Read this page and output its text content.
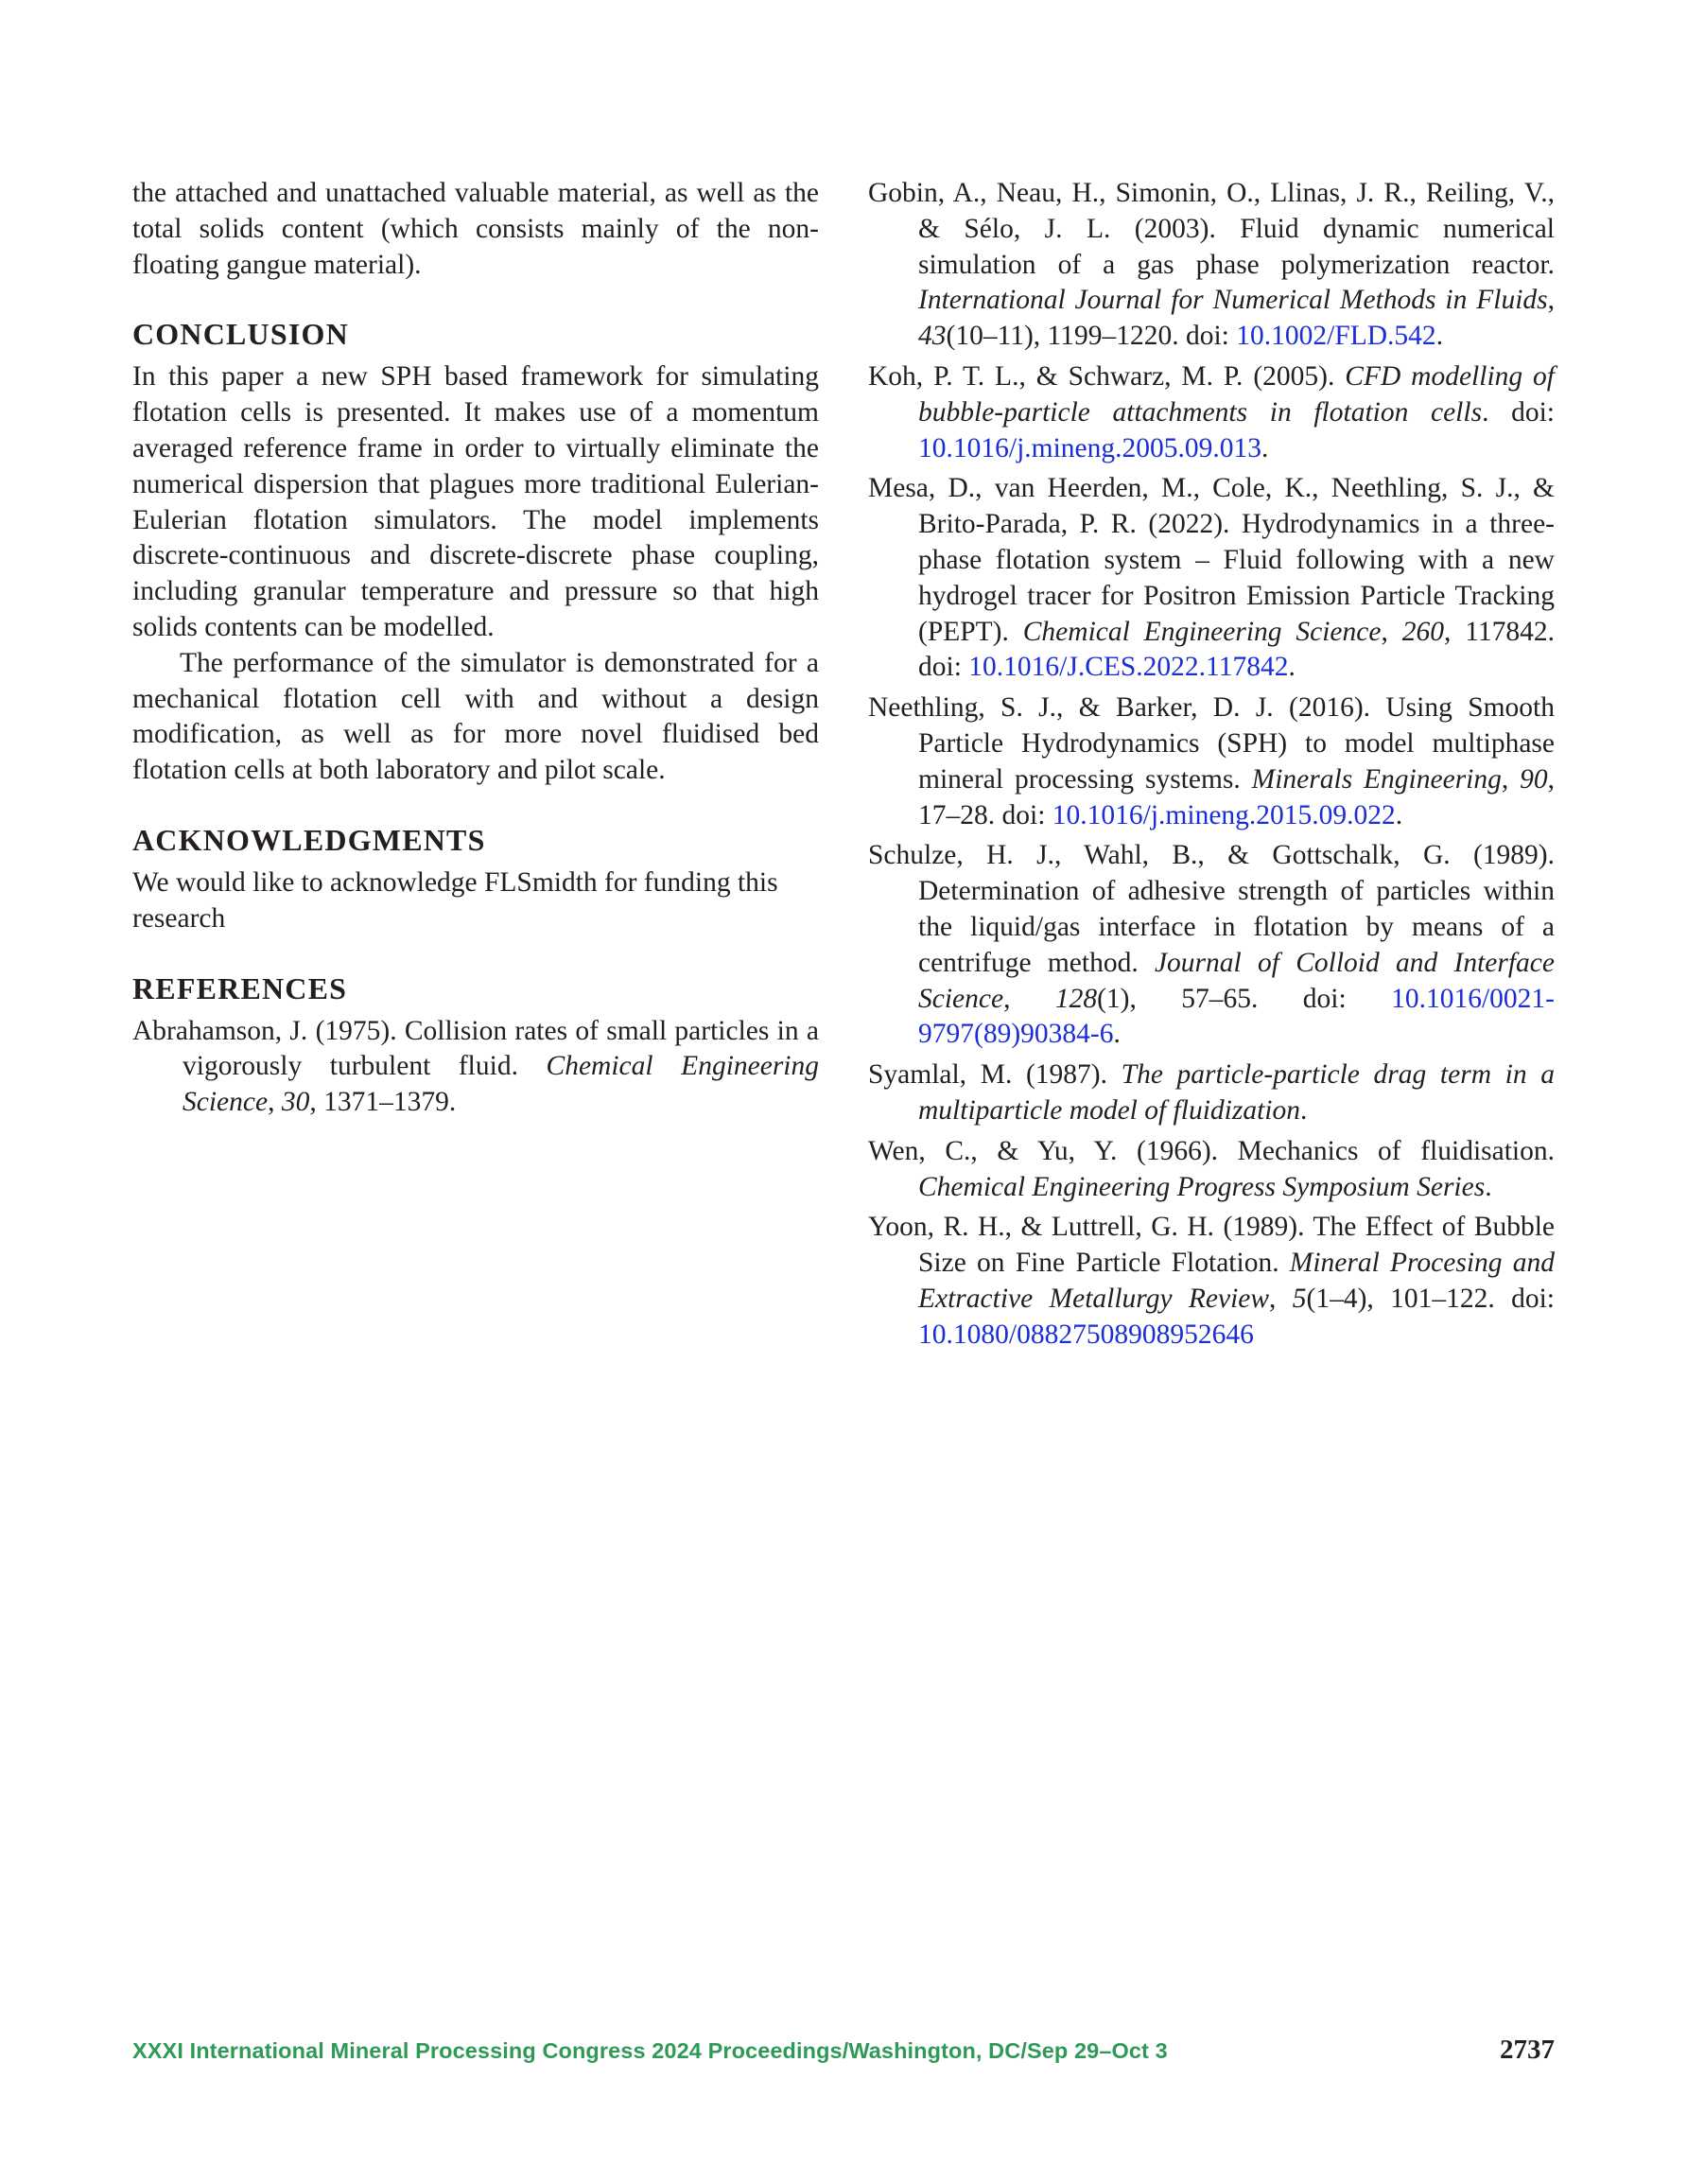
the attached and unattached valuable material, as well as the total solids content (which consists mainly of the non-floating gangue material).

CONCLUSION

In this paper a new SPH based framework for simulating flotation cells is presented. It makes use of a momentum averaged reference frame in order to virtually eliminate the numerical dispersion that plagues more traditional Eulerian-Eulerian flotation simulators. The model implements discrete-continuous and discrete-discrete phase coupling, including granular temperature and pressure so that high solids contents can be modelled.

The performance of the simulator is demonstrated for a mechanical flotation cell with and without a design modification, as well as for more novel fluidised bed flotation cells at both laboratory and pilot scale.

ACKNOWLEDGMENTS

We would like to acknowledge FLSmidth for funding this research

REFERENCES

Abrahamson, J. (1975). Collision rates of small particles in a vigorously turbulent fluid. Chemical Engineering Science, 30, 1371–1379.

Gobin, A., Neau, H., Simonin, O., Llinas, J. R., Reiling, V., & Sélo, J. L. (2003). Fluid dynamic numerical simulation of a gas phase polymerization reactor. International Journal for Numerical Methods in Fluids, 43(10–11), 1199–1220. doi: 10.1002/FLD.542.

Koh, P. T. L., & Schwarz, M. P. (2005). CFD modelling of bubble-particle attachments in flotation cells. doi: 10.1016/j.mineng.2005.09.013.

Mesa, D., van Heerden, M., Cole, K., Neethling, S. J., & Brito-Parada, P. R. (2022). Hydrodynamics in a three-phase flotation system – Fluid following with a new hydrogel tracer for Positron Emission Particle Tracking (PEPT). Chemical Engineering Science, 260, 117842. doi: 10.1016/J.CES.2022.117842.

Neethling, S. J., & Barker, D. J. (2016). Using Smooth Particle Hydrodynamics (SPH) to model multiphase mineral processing systems. Minerals Engineering, 90, 17–28. doi: 10.1016/j.mineng.2015.09.022.

Schulze, H. J., Wahl, B., & Gottschalk, G. (1989). Determination of adhesive strength of particles within the liquid/gas interface in flotation by means of a centrifuge method. Journal of Colloid and Interface Science, 128(1), 57–65. doi: 10.1016/0021-9797(89)90384-6.

Syamlal, M. (1987). The particle-particle drag term in a multiparticle model of fluidization.

Wen, C., & Yu, Y. (1966). Mechanics of fluidisation. Chemical Engineering Progress Symposium Series.

Yoon, R. H., & Luttrell, G. H. (1989). The Effect of Bubble Size on Fine Particle Flotation. Mineral Procesing and Extractive Metallurgy Review, 5(1–4), 101–122. doi: 10.1080/08827508908952646

XXXI International Mineral Processing Congress 2024 Proceedings/Washington, DC/Sep 29–Oct 3	2737
